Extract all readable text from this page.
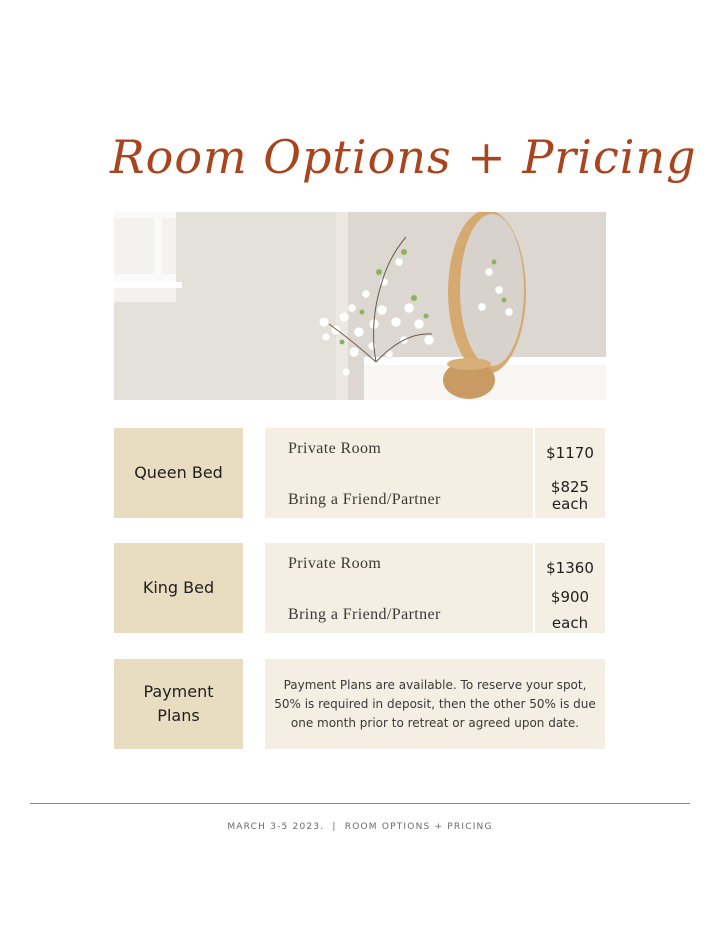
Room Options + Pricing
Queen Bed
Private Room
Bring a Friend/Partner
$1170
$825
each
King Bed
Private Room
Bring a Friend/Partner
$1360
$900
each
Payment
Plans
Payment Plans are available. To reserve your spot,
50% is required in deposit, then the other 50% is due
one month prior to retreat or agreed upon date.
MARCH 3-5 2023.  |  ROOM OPTIONS + PRICING
